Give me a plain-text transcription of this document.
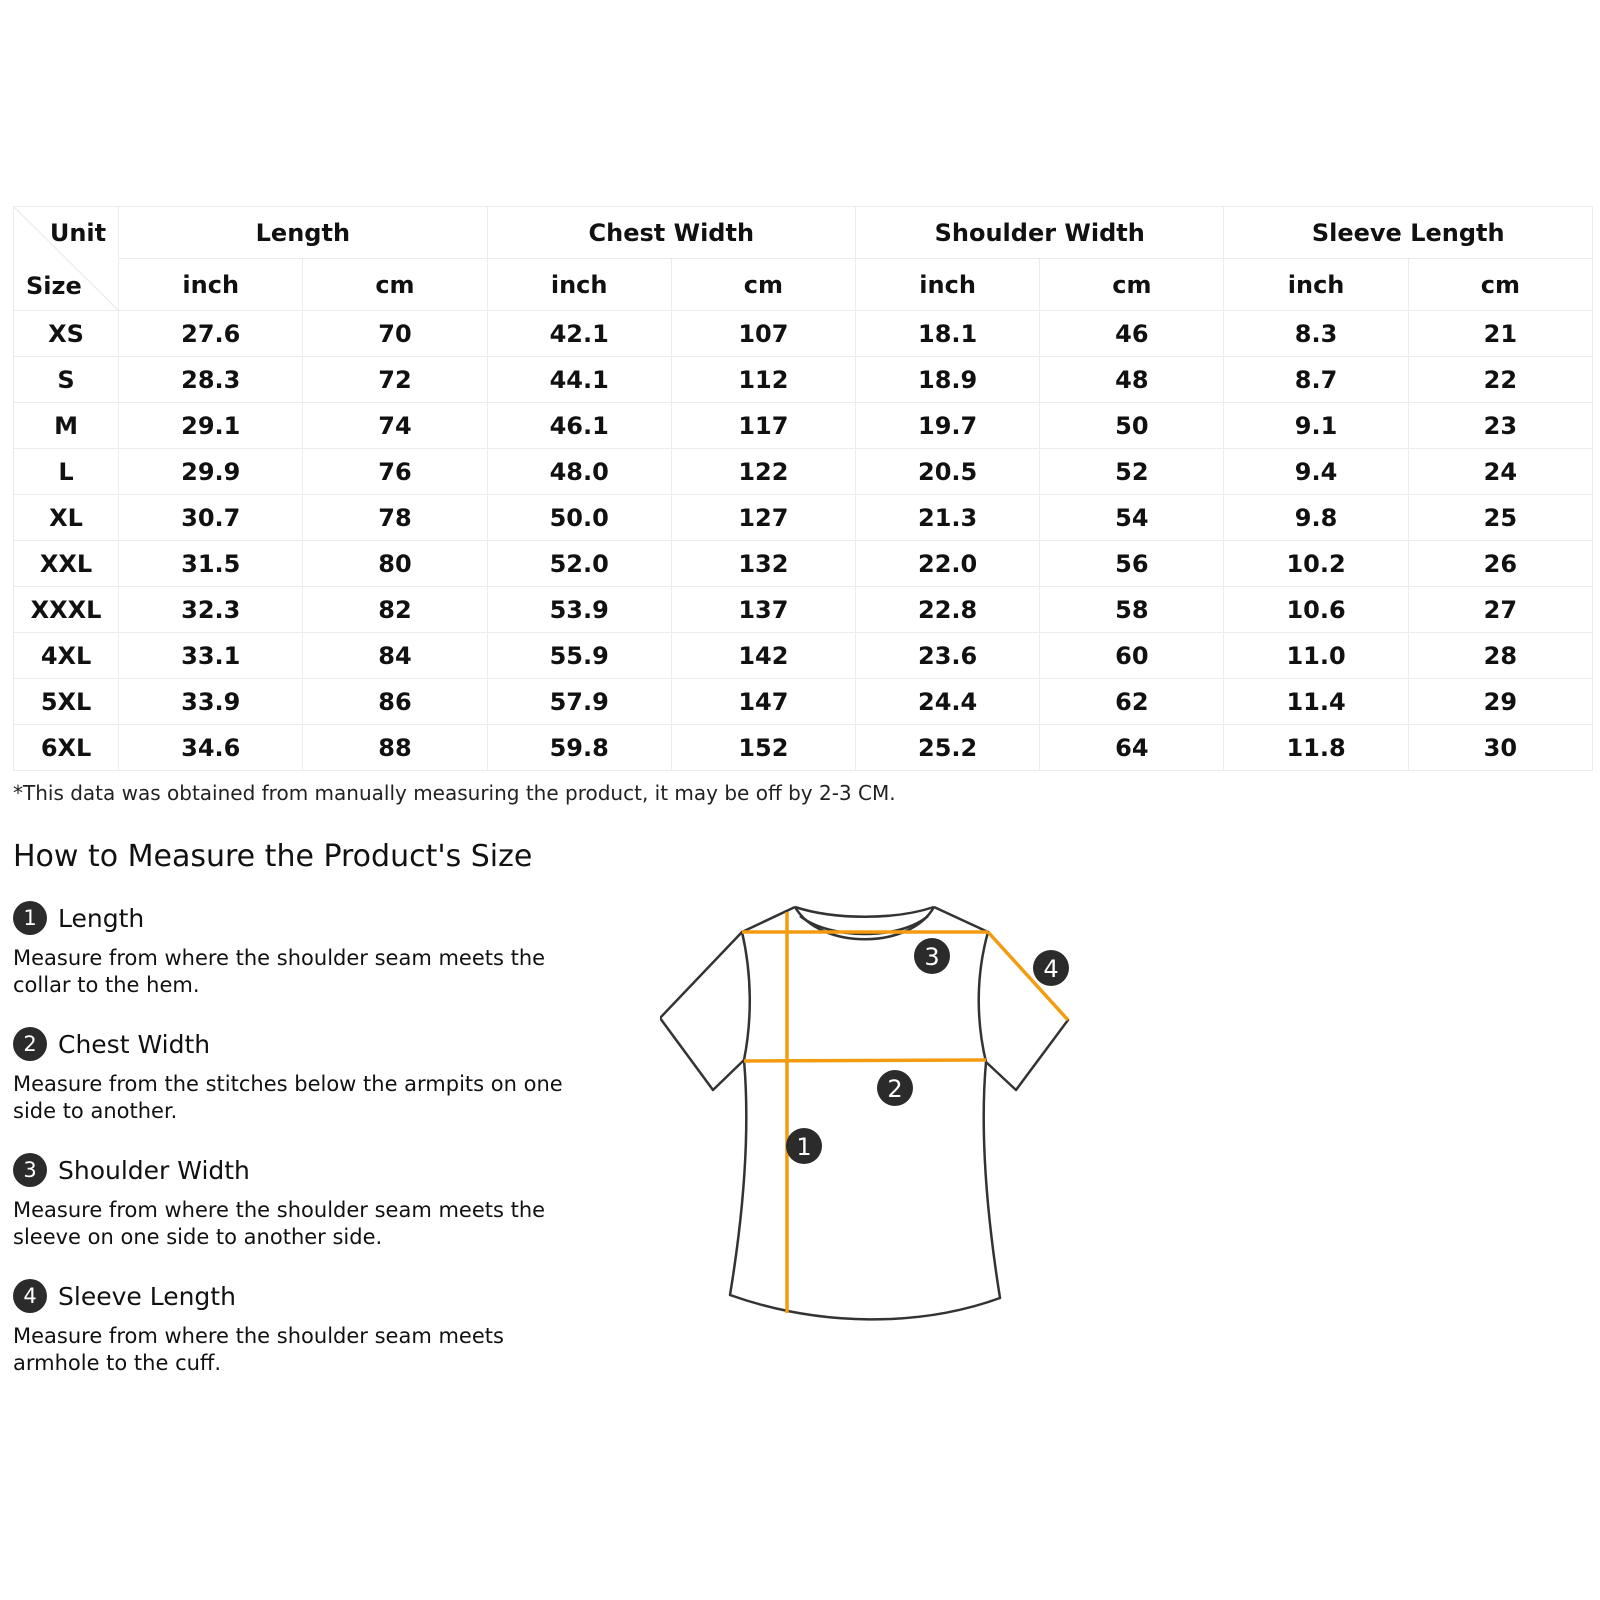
Unit
Size	Length		Chest Width		Shoulder Width		Sleeve Length	
	inch	cm	inch	cm	inch	cm	inch	cm
XS	27.6	70	42.1	107	18.1	46	8.3	21
S	28.3	72	44.1	112	18.9	48	8.7	22
M	29.1	74	46.1	117	19.7	50	9.1	23
L	29.9	76	48.0	122	20.5	52	9.4	24
XL	30.7	78	50.0	127	21.3	54	9.8	25
XXL	31.5	80	52.0	132	22.0	56	10.2	26
XXXL	32.3	82	53.9	137	22.8	58	10.6	27
4XL	33.1	84	55.9	142	23.6	60	11.0	28
5XL	33.9	86	57.9	147	24.4	62	11.4	29
6XL	34.6	88	59.8	152	25.2	64	11.8	30
*This data was obtained from manually measuring the product, it may be off by 2-3 CM.
How to Measure the Product's Size
1 Length
Measure from where the shoulder seam meets the collar to the hem.
2 Chest Width
Measure from the stitches below the armpits on one side to another.
3 Shoulder Width
Measure from where the shoulder seam meets the sleeve on one side to another side.
4 Sleeve Length
Measure from where the shoulder seam meets armhole to the cuff.
1
2
3	4
